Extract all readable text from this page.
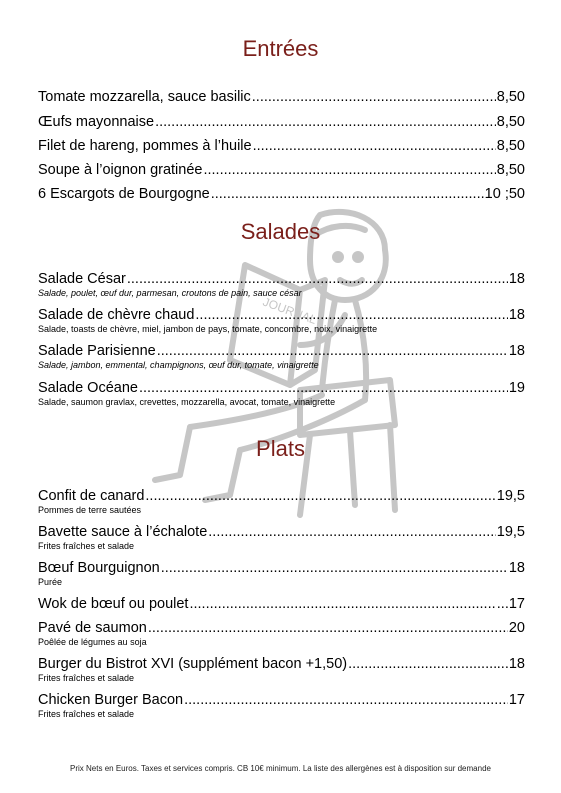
JOURNAL
Entrées
Tomate mozzarella, sauce basilic .....	8,50
Œufs mayonnaise .....	8,50
Filet de hareng, pommes à l’huile .....	8,50
Soupe à l’oignon gratinée .....	8,50
6 Escargots de Bourgogne .....	10 ;50
Salades
Salade César .....	18
Salade, poulet, œuf dur, parmesan, croutons de pain, sauce césar
Salade de chèvre chaud .....	18
Salade, toasts de chèvre, miel, jambon de pays, tomate, concombre, noix, vinaigrette
Salade Parisienne .....	18
Salade, jambon, emmental, champignons, œuf dur, tomate, vinaigrette
Salade Océane .....	19
Salade, saumon gravlax, crevettes, mozzarella, avocat, tomate, vinaigrette
Plats
Confit de canard .....	19,5
Pommes de terre sautées
Bavette sauce à l’échalote .....	19,5
Frites fraîches et salade
Bœuf Bourguignon .....	18
Purée
Wok de bœuf ou poulet .....	...17
Pavé de saumon .....	20
Poêlée de légumes au soja
Burger du Bistrot XVI (supplément bacon +1,50) .....	...18
Frites fraîches et salade
Chicken Burger Bacon .....	17
Frites fraîches et salade
Prix Nets en Euros. Taxes et services compris. CB 10€ minimum. La liste des allergènes est à disposition sur demande
